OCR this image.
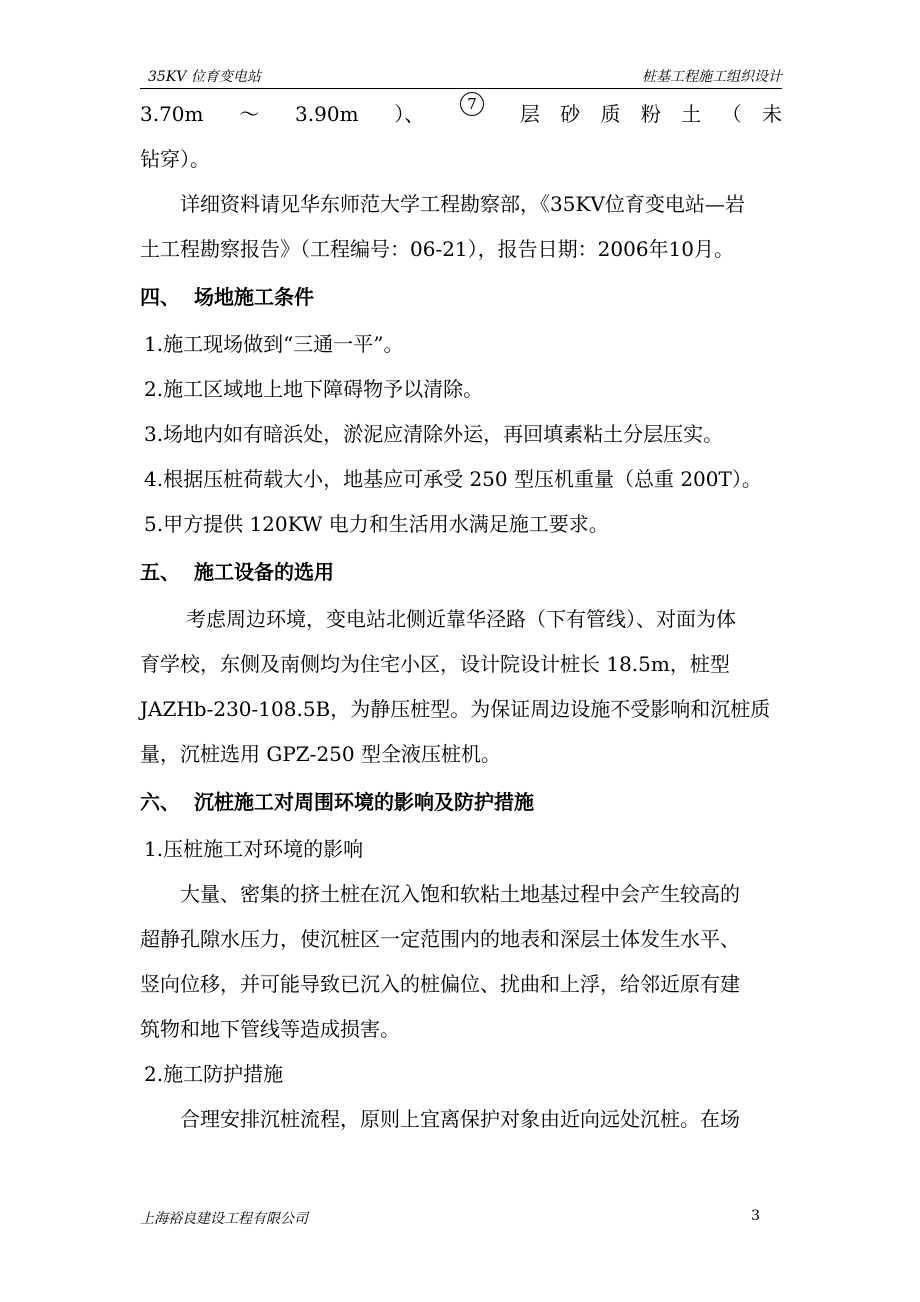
35KV 位育变电站	桩基工程施工组织设计

3.70m ～ 3.90m ）、	7	层 砂 质 粉 土 （ 未

钻穿）。

详细资料请见华东师范大学工程勘察部，《35KV位育变电站—岩

土工程勘察报告》（工程编号：06-21），报告日期：2006年10月。

四、 场地施工条件

1.施工现场做到“三通一平”。

2.施工区域地上地下障碍物予以清除。

3.场地内如有暗浜处，淤泥应清除外运，再回填素粘土分层压实。

4.根据压桩荷载大小，地基应可承受 250 型压机重量（总重 200T）。

5.甲方提供 120KW 电力和生活用水满足施工要求。

五、 施工设备的选用

考虑周边环境，变电站北侧近靠华泾路（下有管线）、对面为体

育学校，东侧及南侧均为住宅小区，设计院设计桩长 18.5m，桩型

JAZHb-230-108.5B，为静压桩型。为保证周边设施不受影响和沉桩质

量，沉桩选用 GPZ-250 型全液压桩机。

六、 沉桩施工对周围环境的影响及防护措施

1.压桩施工对环境的影响

大量、密集的挤土桩在沉入饱和软粘土地基过程中会产生较高的

超静孔隙水压力，使沉桩区一定范围内的地表和深层土体发生水平、

竖向位移，并可能导致已沉入的桩偏位、扰曲和上浮，给邻近原有建

筑物和地下管线等造成损害。

2.施工防护措施

合理安排沉桩流程，原则上宜离保护对象由近向远处沉桩。在场

上海裕良建设工程有限公司	3
